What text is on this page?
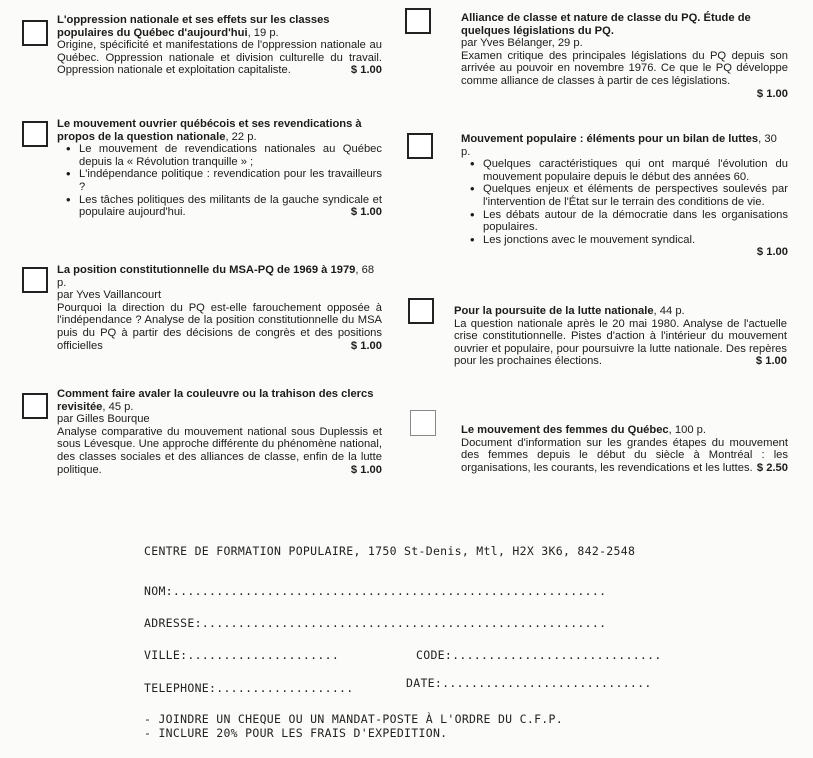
L'oppression nationale et ses effets sur les classes populaires du Québec d'aujourd'hui, 19 p.
Origine, spécificité et manifestations de l'oppression nationale au Québec. Oppression nationale et division culturelle du travail. Oppression nationale et exploitation capitaliste.	$ 1.00
Le mouvement ouvrier québécois et ses revendications à propos de la question nationale, 22 p.
• Le mouvement de revendications nationales au Québec depuis la « Révolution tranquille » ;
• L'indépendance politique : revendication pour les travailleurs ?
• Les tâches politiques des militants de la gauche syndicale et populaire aujourd'hui.	$ 1.00
La position constitutionnelle du MSA-PQ de 1969 à 1979, 68 p.
par Yves Vaillancourt
Pourquoi la direction du PQ est-elle farouchement opposée à l'indépendance ? Analyse de la position constitutionnelle du MSA puis du PQ à partir des décisions de congrès et des positions officielles	$ 1.00
Comment faire avaler la couleuvre ou la trahison des clercs revisitée, 45 p.
par Gilles Bourque
Analyse comparative du mouvement national sous Duplessis et sous Lévesque. Une approche différente du phénomène national, des classes sociales et des alliances de classe, enfin de la lutte politique.	$ 1.00
Alliance de classe et nature de classe du PQ. Étude de quelques législations du PQ.
par Yves Bélanger, 29 p.
Examen critique des principales législations du PQ depuis son arrivée au pouvoir en novembre 1976. Ce que le PQ développe comme alliance de classes à partir de ces législations.
$ 1.00
Mouvement populaire : éléments pour un bilan de luttes, 30 p.
• Quelques caractéristiques qui ont marqué l'évolution du mouvement populaire depuis le début des années 60.
• Quelques enjeux et éléments de perspectives soulevés par l'intervention de l'État sur le terrain des conditions de vie.
• Les débats autour de la démocratie dans les organisations populaires.
• Les jonctions avec le mouvement syndical.
$ 1.00
Pour la poursuite de la lutte nationale, 44 p.
La question nationale après le 20 mai 1980. Analyse de l'actuelle crise constitutionnelle. Pistes d'action à l'intérieur du mouvement ouvrier et populaire, pour poursuivre la lutte nationale. Des repères pour les prochaines élections.	$ 1.00
Le mouvement des femmes du Québec, 100 p.
Document d'information sur les grandes étapes du mouvement des femmes depuis le début du siècle à Montréal : les organisations, les courants, les revendications et les luttes. $ 2.50
CENTRE DE FORMATION POPULAIRE, 1750 St-Denis, Mtl, H2X 3K6, 842-2548
NOM:............................................................
ADRESSE:........................................................
VILLE:.....................	CODE:.............................
TELEPHONE:...................	DATE:.............................
- JOINDRE UN CHEQUE OU UN MANDAT-POSTE À L'ORDRE DU C.F.P.
- INCLURE 20% POUR LES FRAIS D'EXPEDITION.
